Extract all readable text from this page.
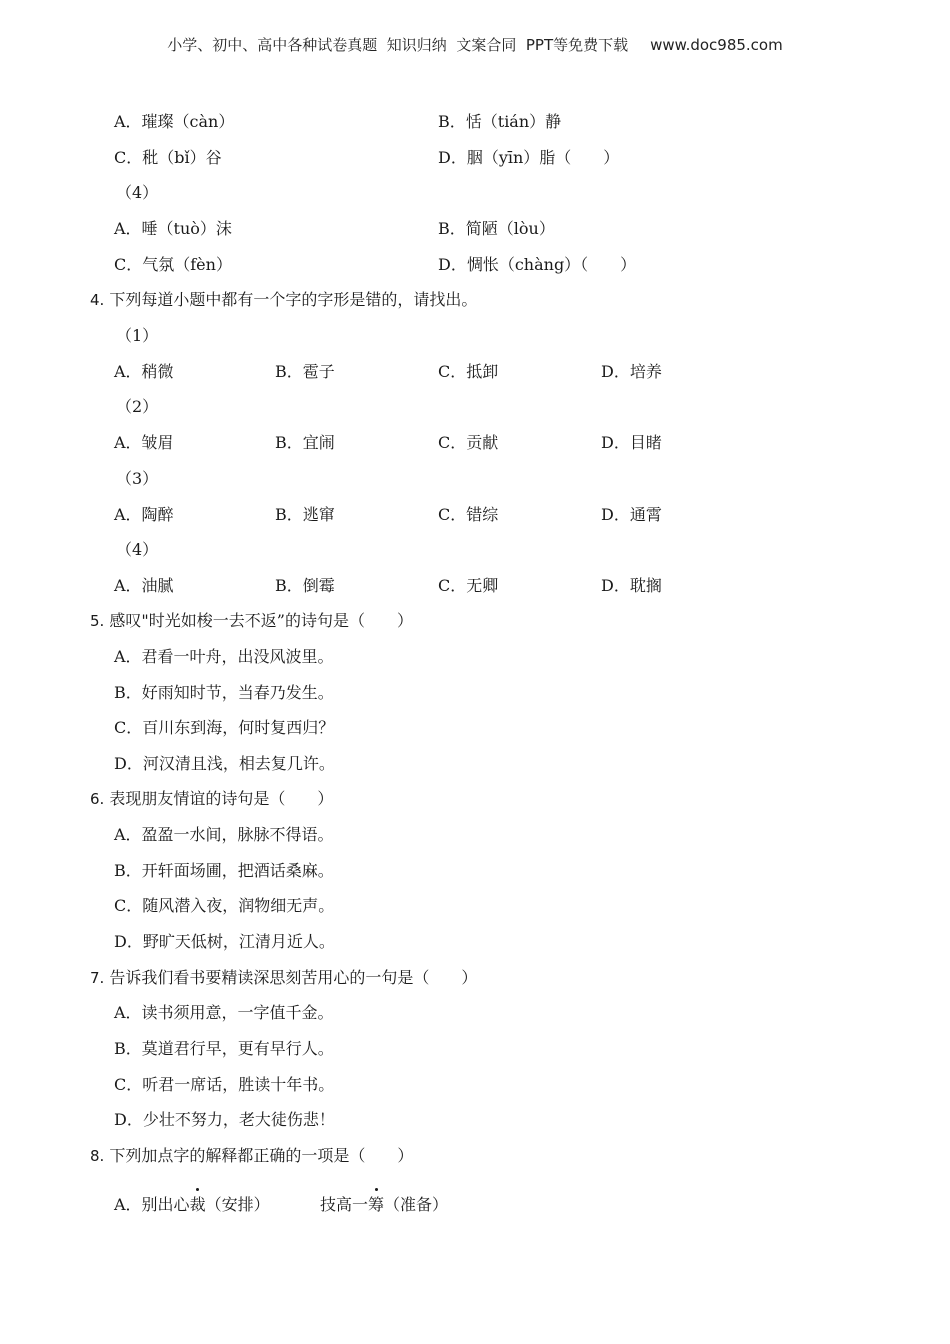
小学、初中、高中各种试卷真题  知识归纳  文案合同  PPT等免费下载 www.doc985.com
A．璀璨（càn）	B．恬（tián）静
C．秕（bǐ）谷	D．胭（yīn）脂（　　）
（4）
A．唾（tuò）沫	B．简陋（lòu）
C．气氛（fèn）	D．惆怅（chàng）（　　）
4. 下列每道小题中都有一个字的字形是错的，请找出。
（1）
A．稍微	B．雹子	C．抵卸	D．培养
（2）
A．皱眉	B．宜闹	C．贡献	D．目睹
（3）
A．陶醉	B．逃窜	C．错综	D．通霄
（4）
A．油腻	B．倒霉	C．无卿	D．耽搁
5. 感叹"时光如梭一去不返”的诗句是（　　）
A．君看一叶舟，出没风波里。
B．好雨知时节，当春乃发生。
C．百川东到海，何时复西归？
D．河汉清且浅，相去复几许。
6. 表现朋友情谊的诗句是（　　）
A．盈盈一水间，脉脉不得语。
B．开轩面场圃，把酒话桑麻。
C．随风潜入夜，润物细无声。
D．野旷天低树，江清月近人。
7. 告诉我们看书要精读深思刻苦用心的一句是（　　）
A．读书须用意，一字值千金。
B．莫道君行早，更有早行人。
C．听君一席话，胜读十年书。
D．少壮不努力，老大徒伤悲！
8. 下列加点字的解释都正确的一项是（　　）
A．别出心裁（安排）	技高一筹（准备）
